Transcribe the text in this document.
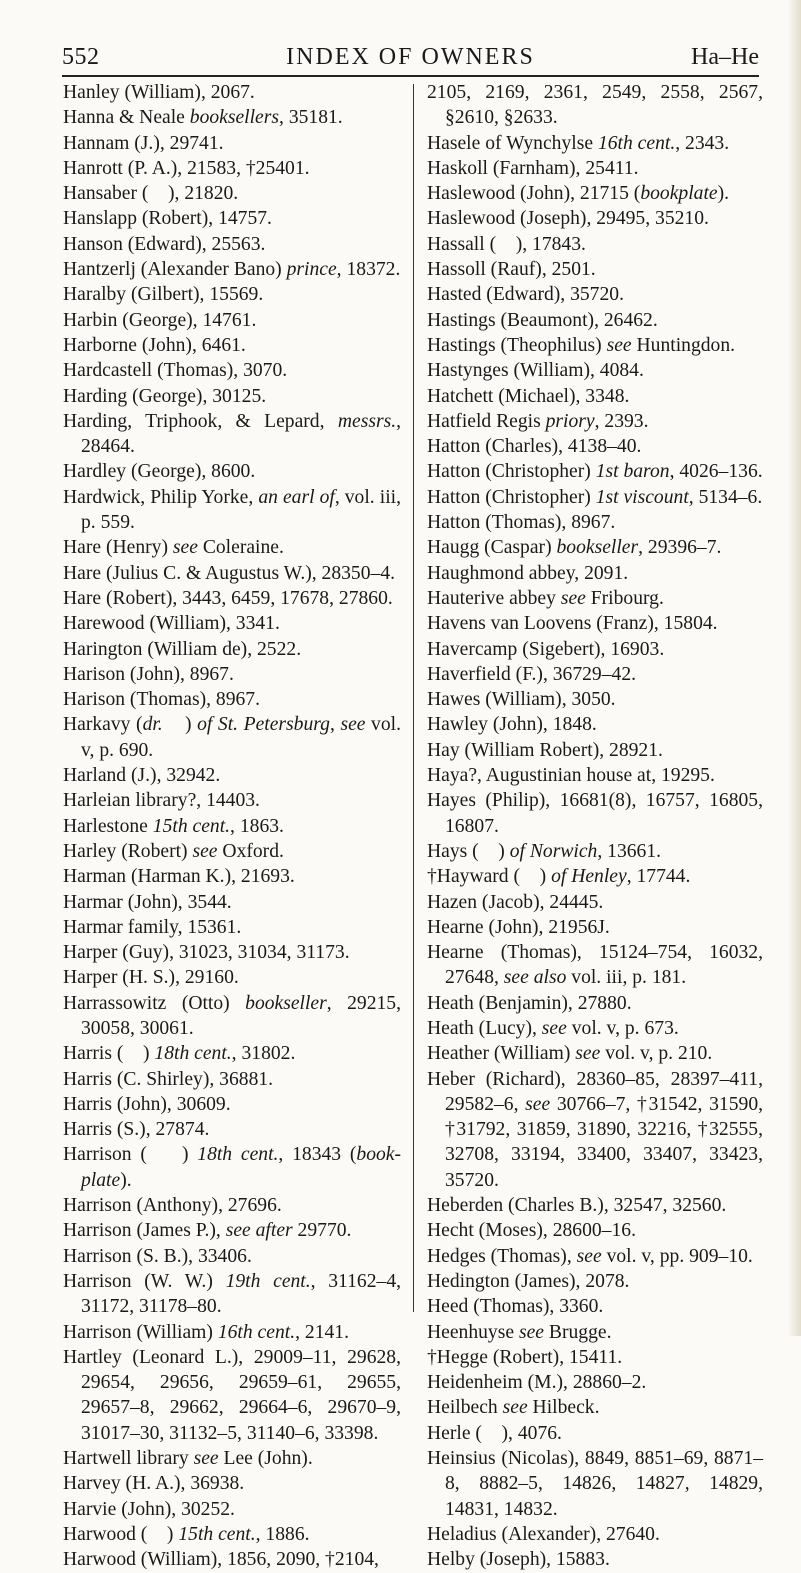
552	INDEX OF OWNERS	Ha–He
Hanley (William), 2067.
Hanna & Neale booksellers, 35181.
Hannam (J.), 29741.
Hanrott (P. A.), 21583, †25401.
Hansaber (    ), 21820.
Hanslapp (Robert), 14757.
Hanson (Edward), 25563.
Hantzerlj (Alexander Bano) prince, 18372.
Haralby (Gilbert), 15569.
Harbin (George), 14761.
Harborne (John), 6461.
Hardcastell (Thomas), 3070.
Harding (George), 30125.
Harding, Triphook, & Lepard, messrs., 28464.
Hardley (George), 8600.
Hardwick, Philip Yorke, an earl of, vol. iii, p. 559.
Hare (Henry) see Coleraine.
Hare (Julius C. & Augustus W.), 28350–4.
Hare (Robert), 3443, 6459, 17678, 27860.
Harewood (William), 3341.
Harington (William de), 2522.
Harison (John), 8967.
Harison (Thomas), 8967.
Harkavy (dr.    ) of St. Petersburg, see vol. v, p. 690.
Harland (J.), 32942.
Harleian library?, 14403.
Harlestone 15th cent., 1863.
Harley (Robert) see Oxford.
Harman (Harman K.), 21693.
Harmar (John), 3544.
Harmar family, 15361.
Harper (Guy), 31023, 31034, 31173.
Harper (H. S.), 29160.
Harrassowitz (Otto) bookseller, 29215, 30058, 30061.
Harris (    ) 18th cent., 31802.
Harris (C. Shirley), 36881.
Harris (John), 30609.
Harris (S.), 27874.
Harrison (    ) 18th cent., 18343 (book-plate).
Harrison (Anthony), 27696.
Harrison (James P.), see after 29770.
Harrison (S. B.), 33406.
Harrison (W. W.) 19th cent., 31162–4, 31172, 31178–80.
Harrison (William) 16th cent., 2141.
Hartley (Leonard L.), 29009–11, 29628, 29654, 29656, 29659–61, 29655, 29657–8, 29662, 29664–6, 29670–9, 31017–30, 31132–5, 31140–6, 33398.
Hartwell library see Lee (John).
Harvey (H. A.), 36938.
Harvie (John), 30252.
Harwood (    ) 15th cent., 1886.
Harwood (William), 1856, 2090, †2104,
2105, 2169, 2361, 2549, 2558, 2567, §2610, §2633.
Hasele of Wynchylse 16th cent., 2343.
Haskoll (Farnham), 25411.
Haslewood (John), 21715 (bookplate).
Haslewood (Joseph), 29495, 35210.
Hassall (    ), 17843.
Hassoll (Rauf), 2501.
Hasted (Edward), 35720.
Hastings (Beaumont), 26462.
Hastings (Theophilus) see Huntingdon.
Hastynges (William), 4084.
Hatchett (Michael), 3348.
Hatfield Regis priory, 2393.
Hatton (Charles), 4138–40.
Hatton (Christopher) 1st baron, 4026–136.
Hatton (Christopher) 1st viscount, 5134–6.
Hatton (Thomas), 8967.
Haugg (Caspar) bookseller, 29396–7.
Haughmond abbey, 2091.
Hauterive abbey see Fribourg.
Havens van Loovens (Franz), 15804.
Havercamp (Sigebert), 16903.
Haverfield (F.), 36729–42.
Hawes (William), 3050.
Hawley (John), 1848.
Hay (William Robert), 28921.
Haya?, Augustinian house at, 19295.
Hayes (Philip), 16681(8), 16757, 16805, 16807.
Hays (    ) of Norwich, 13661.
†Hayward (    ) of Henley, 17744.
Hazen (Jacob), 24445.
Hearne (John), 21956J.
Hearne (Thomas), 15124–754, 16032, 27648, see also vol. iii, p. 181.
Heath (Benjamin), 27880.
Heath (Lucy), see vol. v, p. 673.
Heather (William) see vol. v, p. 210.
Heber (Richard), 28360–85, 28397–411, 29582–6, see 30766–7, †31542, 31590, †31792, 31859, 31890, 32216, †32555, 32708, 33194, 33400, 33407, 33423, 35720.
Heberden (Charles B.), 32547, 32560.
Hecht (Moses), 28600–16.
Hedges (Thomas), see vol. v, pp. 909–10.
Hedington (James), 2078.
Heed (Thomas), 3360.
Heenhuyse see Brugge.
†Hegge (Robert), 15411.
Heidenheim (M.), 28860–2.
Heilbech see Hilbeck.
Herle (    ), 4076.
Heinsius (Nicolas), 8849, 8851–69, 8871–8, 8882–5, 14826, 14827, 14829, 14831, 14832.
Heladius (Alexander), 27640.
Helby (Joseph), 15883.
